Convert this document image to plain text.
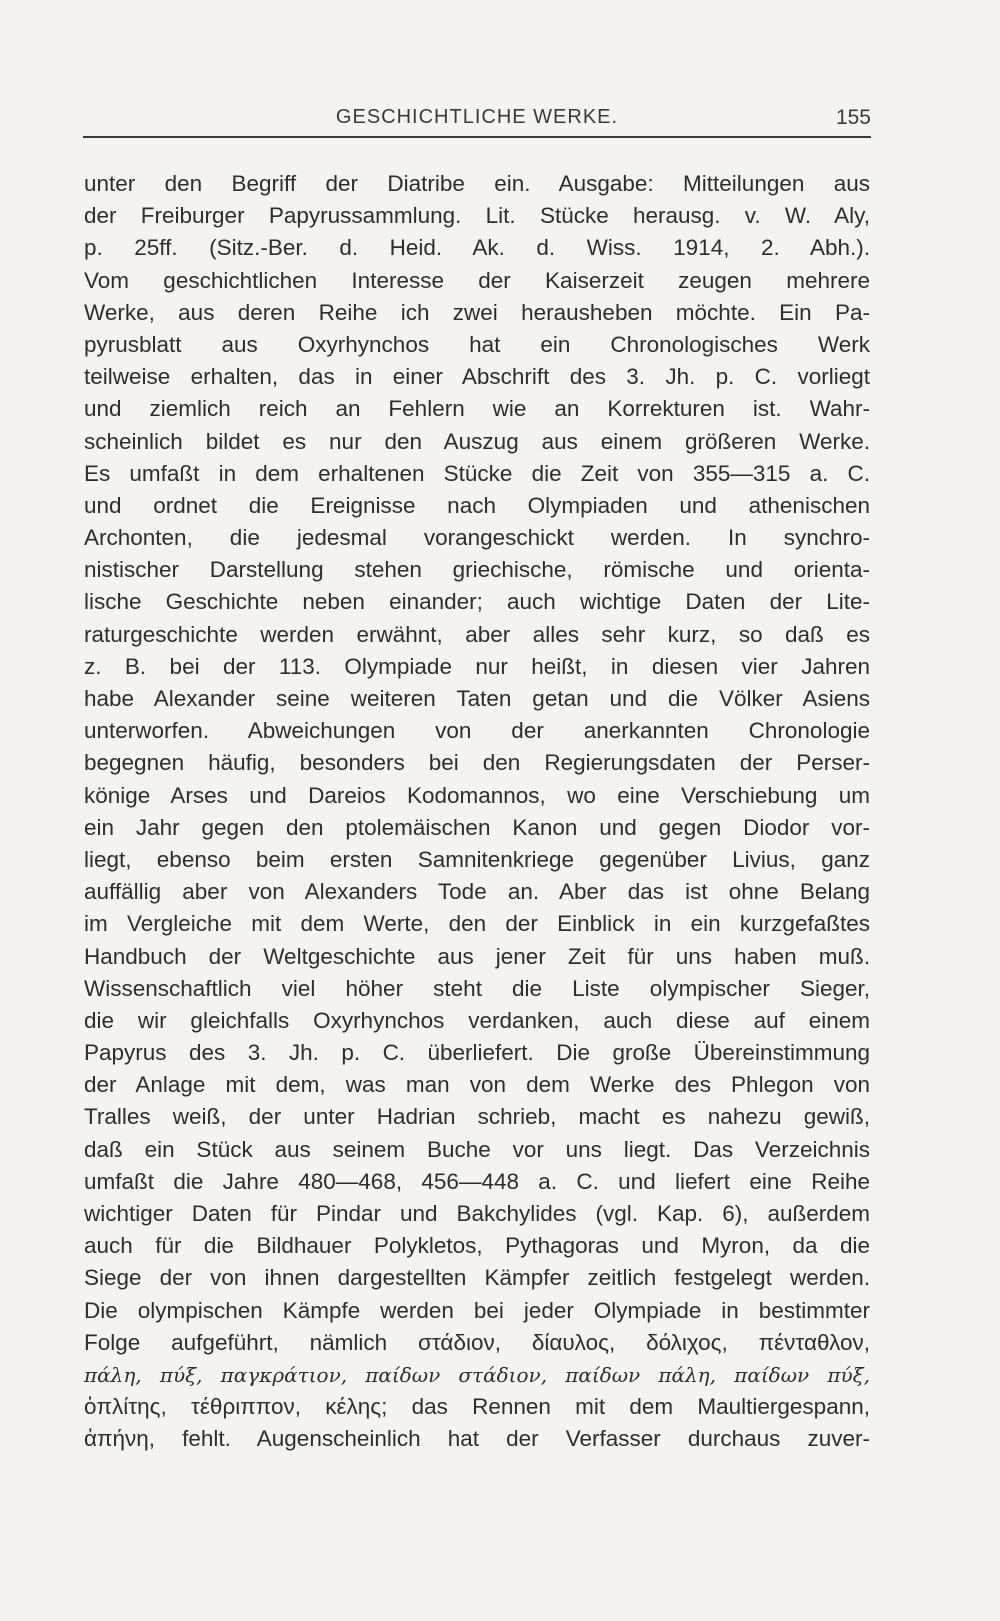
GESCHICHTLICHE WERKE.	155
unter den Begriff der Diatribe ein. Ausgabe: Mitteilungen aus
der Freiburger Papyrussammlung. Lit. Stücke herausg. v. W. Aly,
p. 25ff. (Sitz.-Ber. d. Heid. Ak. d. Wiss. 1914, 2. Abh.).
Vom geschichtlichen Interesse der Kaiserzeit zeugen mehrere
Werke, aus deren Reihe ich zwei herausheben möchte. Ein Pa-
pyrusblatt aus Oxyrhynchos hat ein Chronologisches Werk
teilweise erhalten, das in einer Abschrift des 3. Jh. p. C. vorliegt
und ziemlich reich an Fehlern wie an Korrekturen ist. Wahr-
scheinlich bildet es nur den Auszug aus einem größeren Werke.
Es umfaßt in dem erhaltenen Stücke die Zeit von 355—315 a. C.
und ordnet die Ereignisse nach Olympiaden und athenischen
Archonten, die jedesmal vorangeschickt werden. In synchro-
nistischer Darstellung stehen griechische, römische und orienta-
lische Geschichte neben einander; auch wichtige Daten der Lite-
raturgeschichte werden erwähnt, aber alles sehr kurz, so daß es
z. B. bei der 113. Olympiade nur heißt, in diesen vier Jahren
habe Alexander seine weiteren Taten getan und die Völker Asiens
unterworfen. Abweichungen von der anerkannten Chronologie
begegnen häufig, besonders bei den Regierungsdaten der Perser-
könige Arses und Dareios Kodomannos, wo eine Verschiebung um
ein Jahr gegen den ptolemäischen Kanon und gegen Diodor vor-
liegt, ebenso beim ersten Samnitenkriege gegenüber Livius, ganz
auffällig aber von Alexanders Tode an. Aber das ist ohne Belang
im Vergleiche mit dem Werte, den der Einblick in ein kurzgefaßtes
Handbuch der Weltgeschichte aus jener Zeit für uns haben muß.
Wissenschaftlich viel höher steht die Liste olympischer Sieger,
die wir gleichfalls Oxyrhynchos verdanken, auch diese auf einem
Papyrus des 3. Jh. p. C. überliefert. Die große Übereinstimmung
der Anlage mit dem, was man von dem Werke des Phlegon von
Tralles weiß, der unter Hadrian schrieb, macht es nahezu gewiß,
daß ein Stück aus seinem Buche vor uns liegt. Das Verzeichnis
umfaßt die Jahre 480—468, 456—448 a. C. und liefert eine Reihe
wichtiger Daten für Pindar und Bakchylides (vgl. Kap. 6), außerdem
auch für die Bildhauer Polykletos, Pythagoras und Myron, da die
Siege der von ihnen dargestellten Kämpfer zeitlich festgelegt werden.
Die olympischen Kämpfe werden bei jeder Olympiade in bestimmter
Folge aufgeführt, nämlich στάδιον, δίαυλος, δόλιχος, πένταθλον,
πάλη, πύξ, παγκράτιον, παίδων στάδιον, παίδων πάλη, παίδων πύξ,
ὁπλίτης, τέθριππον, κέλης; das Rennen mit dem Maultiergespann,
ἀπήνη, fehlt. Augenscheinlich hat der Verfasser durchaus zuver-
